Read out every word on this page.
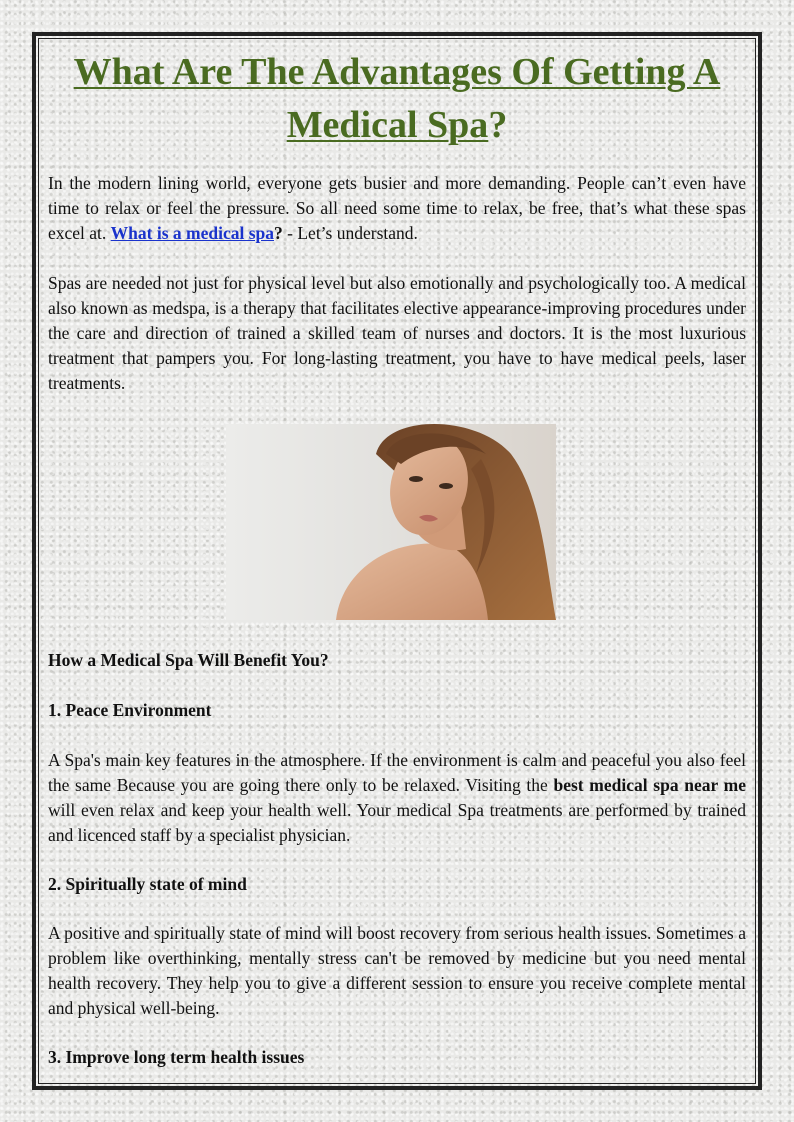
What Are The Advantages Of Getting A
Medical Spa?

In the modern lining world, everyone gets busier and more demanding. People can’t even have time to relax or feel the pressure. So all need some time to relax, be free, that’s what these spas excel at. What is a medical spa? - Let’s understand.

Spas are needed not just for physical level but also emotionally and psychologically too. A medical also known as medspa, is a therapy that facilitates elective appearance-improving procedures under the care and direction of trained a skilled team of nurses and doctors. It is the most luxurious treatment that pampers you. For long-lasting treatment, you have to have medical peels, laser treatments.

How a Medical Spa Will Benefit You?
1. Peace Environment

A Spa's main key features in the atmosphere. If the environment is calm and peaceful you also feel the same Because you are going there only to be relaxed. Visiting the best medical spa near me will even relax and keep your health well. Your medical Spa treatments are performed by trained and licenced staff by a specialist physician.

2. Spiritually state of mind

A positive and spiritually state of mind will boost recovery from serious health issues. Sometimes a problem like overthinking, mentally stress can't be removed by medicine but you need mental health recovery. They help you to give a different session to ensure you receive complete mental and physical well-being.

3. Improve long term health issues
